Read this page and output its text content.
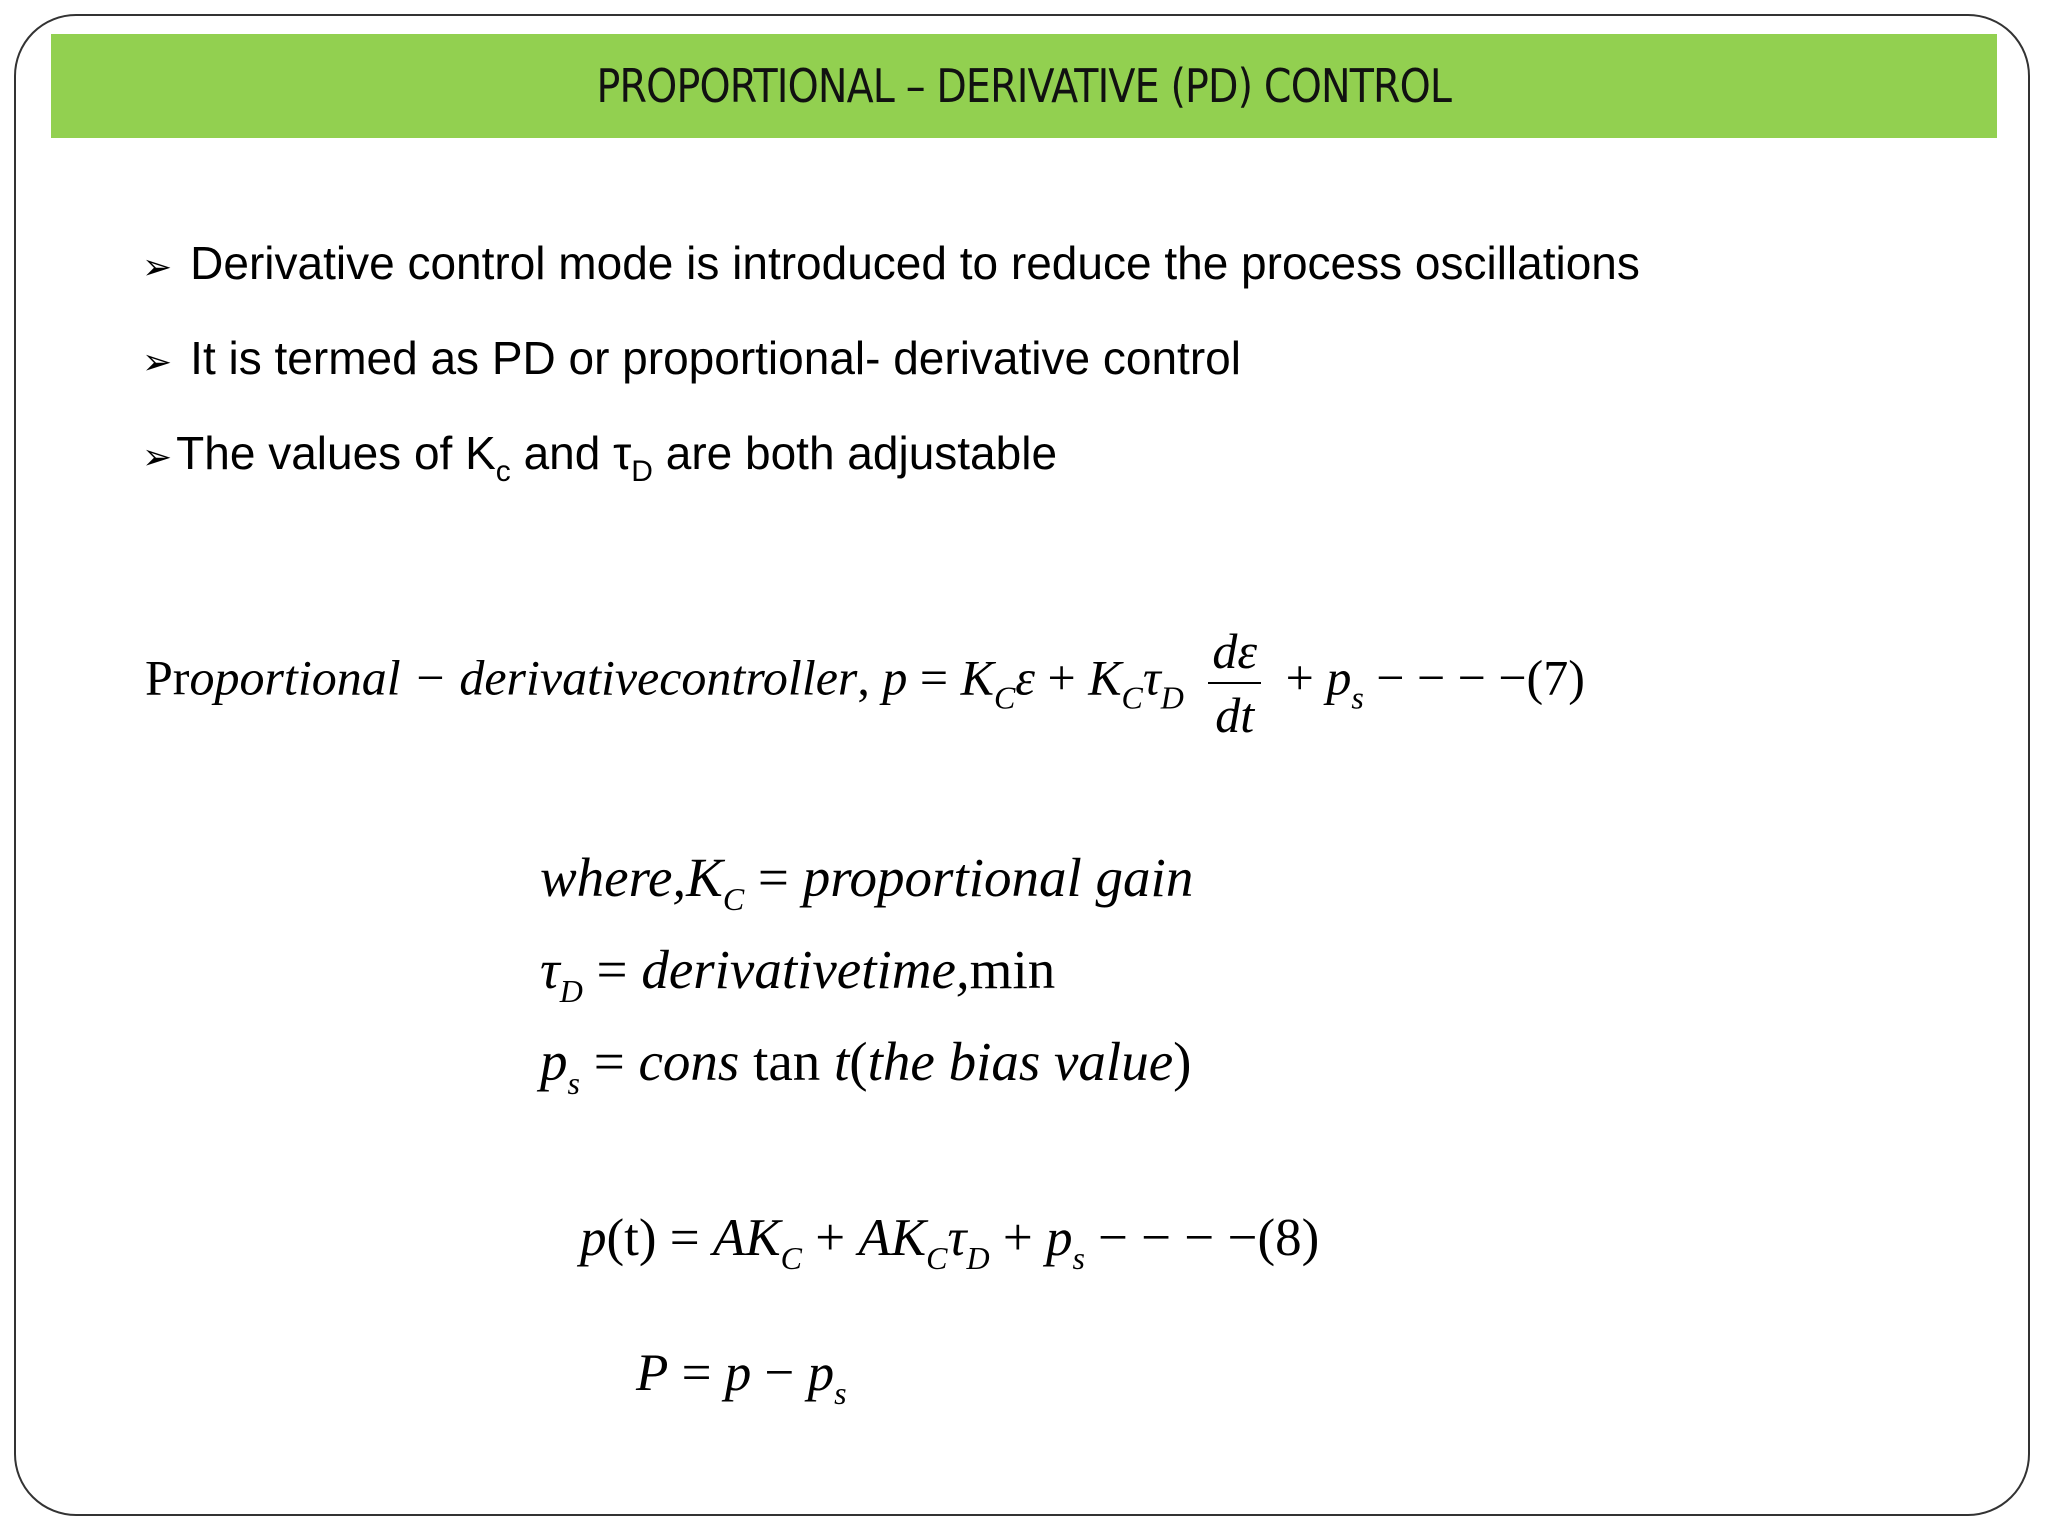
PROPORTIONAL – DERIVATIVE (PD) CONTROL
➢ Derivative control mode is introduced to reduce the process oscillations
➢ It is termed as PD or proportional- derivative control
➢The values of $K_c$ and $\tau_D$ are both adjustable
Proportional − derivativecontroller, $p = K_C\varepsilon + K_C\tau_D \frac{d\varepsilon}{dt} + p_s$ − − − −(7)
$where,K_C$ = proportional gain
$\tau_D$ = derivativetime,min
$p_s$ = cons tan t(the bias value)
$p(t) = AK_C + AK_C\tau_D + p_s$ − − − −(8)
$P = p - p_s$
